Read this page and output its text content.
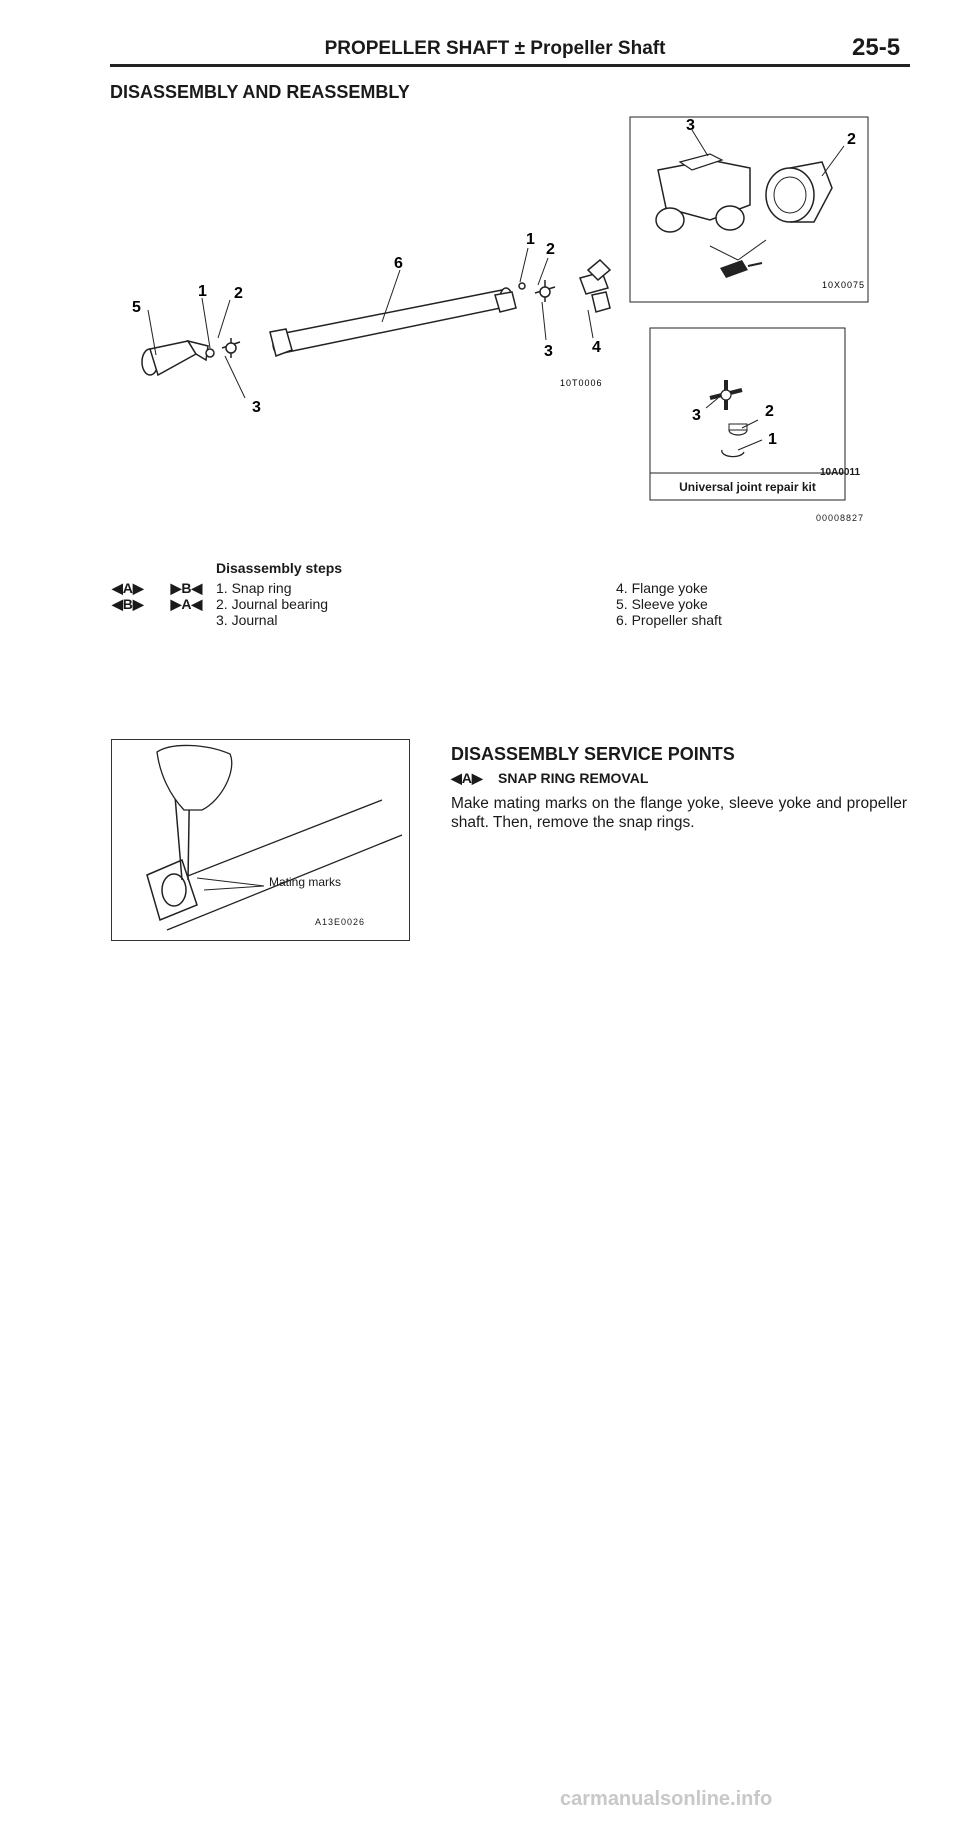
PROPELLER SHAFT ± Propeller Shaft	25-5
DISASSEMBLY AND REASSEMBLY
5
1 2
3
6
1
2
3 4
10T0006
3
2
10X0075
3	2
1
10A0011
Universal joint repair kit
00008827
Disassembly steps
◀A▶ ▶B◀
◀B▶ ▶A◀
1. Snap ring
2. Journal bearing
3. Journal
4. Flange yoke
5. Sleeve yoke
6. Propeller shaft
Mating marks
A13E0026
DISASSEMBLY SERVICE POINTS
◀A▶ SNAP RING REMOVAL
Make mating marks on the flange yoke, sleeve yoke and propeller shaft. Then, remove the snap rings.
carmanualsonline.info
